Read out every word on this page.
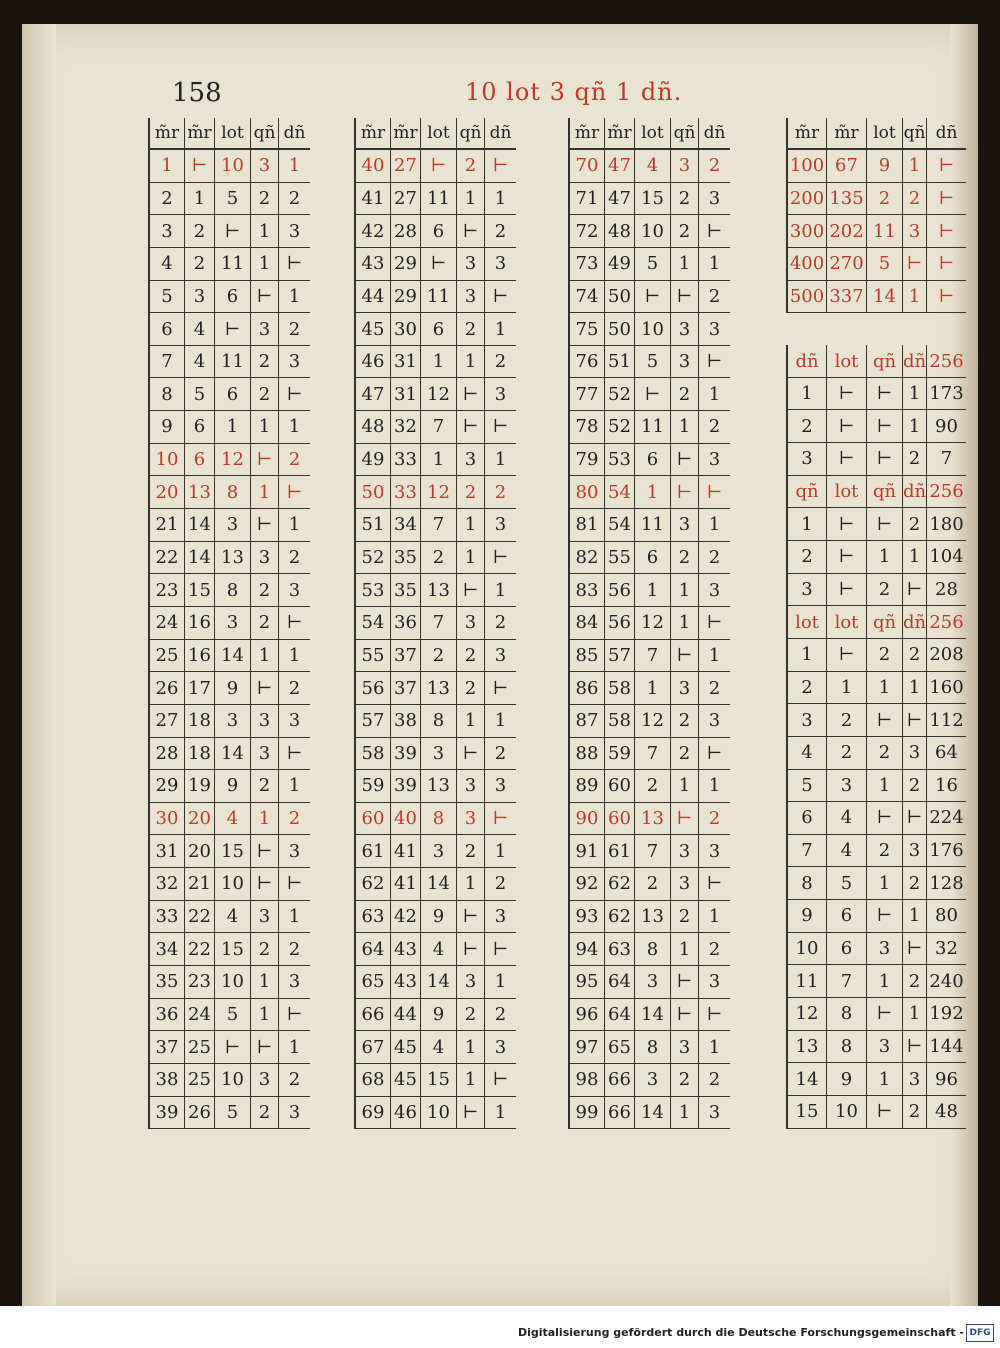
158	10 lot 3 qñ 1 dñ.
m̃r m̃r lot qñ dñ
1	⊢ 10 3	1
2	1	5	2	2
3	2	⊢	1	3
4	2 11 1 ⊢
5	3	6	⊢ 1
6	4	⊢	3	2
7	4 11 2	3
8	5	6	2 ⊢
9	6	1	1	1
10 6 12 ⊢ 2
20 13 8	1 ⊢
21 14 3	⊢ 1
22 14 13 3	2
23 15 8	2	3
24 16 3	2 ⊢
25 16 14 1	1
26 17 9	⊢ 2
27 18 3	3	3
28 18 14 3 ⊢
29 19 9	2	1
30 20 4	1	2
31 20 15 ⊢ 3
32 21 10 ⊢ ⊢
33 22 4	3	1
34 22 15 2	2
35 23 10 1	3
36 24 5	1 ⊢
37 25 ⊢ ⊢ 1
38 25 10 3	2
39 26 5	2	3
m̃r m̃r lot qñ dñ
40 27 ⊢	2 ⊢
41 27 11 1	1
42 28 6	⊢ 2
43 29 ⊢	3	3
44 29 11 3 ⊢
45 30 6	2	1
46 31 1	1	2
47 31 12 ⊢ 3
48 32 7	⊢ ⊢
49 33 1	3	1
50 33 12 2	2
51 34 7	1	3
52 35 2	1 ⊢
53 35 13 ⊢ 1
54 36 7	3	2
55 37 2	2	3
56 37 13 2 ⊢
57 38 8	1	1
58 39 3	⊢ 2
59 39 13 3	3
60 40 8	3 ⊢
61 41 3	2	1
62 41 14 1	2
63 42 9	⊢ 3
64 43 4	⊢ ⊢
65 43 14 3	1
66 44 9	2	2
67 45 4	1	3
68 45 15 1 ⊢
69 46 10 ⊢ 1
m̃r m̃r lot qñ dñ
70 47 4	3	2
71 47 15 2	3
72 48 10 2 ⊢
73 49 5	1	1
74 50 ⊢ ⊢ 2
75 50 10 3	3
76 51 5	3 ⊢
77 52 ⊢	2	1
78 52 11 1	2
79 53 6	⊢ 3
80 54 1	⊢ ⊢
81 54 11 3	1
82 55 6	2	2
83 56 1	1	3
84 56 12 1 ⊢
85 57 7	⊢ 1
86 58 1	3	2
87 58 12 2	3
88 59 7	2 ⊢
89 60 2	1	1
90 60 13 ⊢ 2
91 61 7	3	3
92 62 2	3 ⊢
93 62 13 2	1
94 63 8	1	2
95 64 3	⊢ 3
96 64 14 ⊢ ⊢
97 65 8	3	1
98 66 3	2	2
99 66 14 1	3
m̃r m̃r lot qñ dñ
100 67	9	1	⊢
200 135 2	2	⊢
300 202 11 3	⊢
400 270 5 ⊢ ⊢
500 337 14 1	⊢
dñ lot qñ dñ 256
1	⊢	⊢ 1 173
2	⊢	⊢ 1 90
3	⊢	⊢ 2	7
qñ lot qñ dñ 256
1	⊢	⊢ 2 180
2	⊢	1	1 104
3	⊢	2 ⊢ 28
lot lot qñ dñ 256
1	⊢	2	2 208
2	1	1	1 160
3	2	⊢ ⊢ 112
4	2	2	3 64
5	3	1	2 16
6	4	⊢ ⊢ 224
7	4	2	3 176
8	5	1	2 128
9	6	⊢ 1 80
10	6	3 ⊢ 32
11	7	1	2 240
12	8	⊢ 1 192
13	8	3 ⊢ 144
14	9	1	3 96
15 10	⊢ 2 48
Digitalisierung gefördert durch die Deutsche Forschungsgemeinschaft - DFG
